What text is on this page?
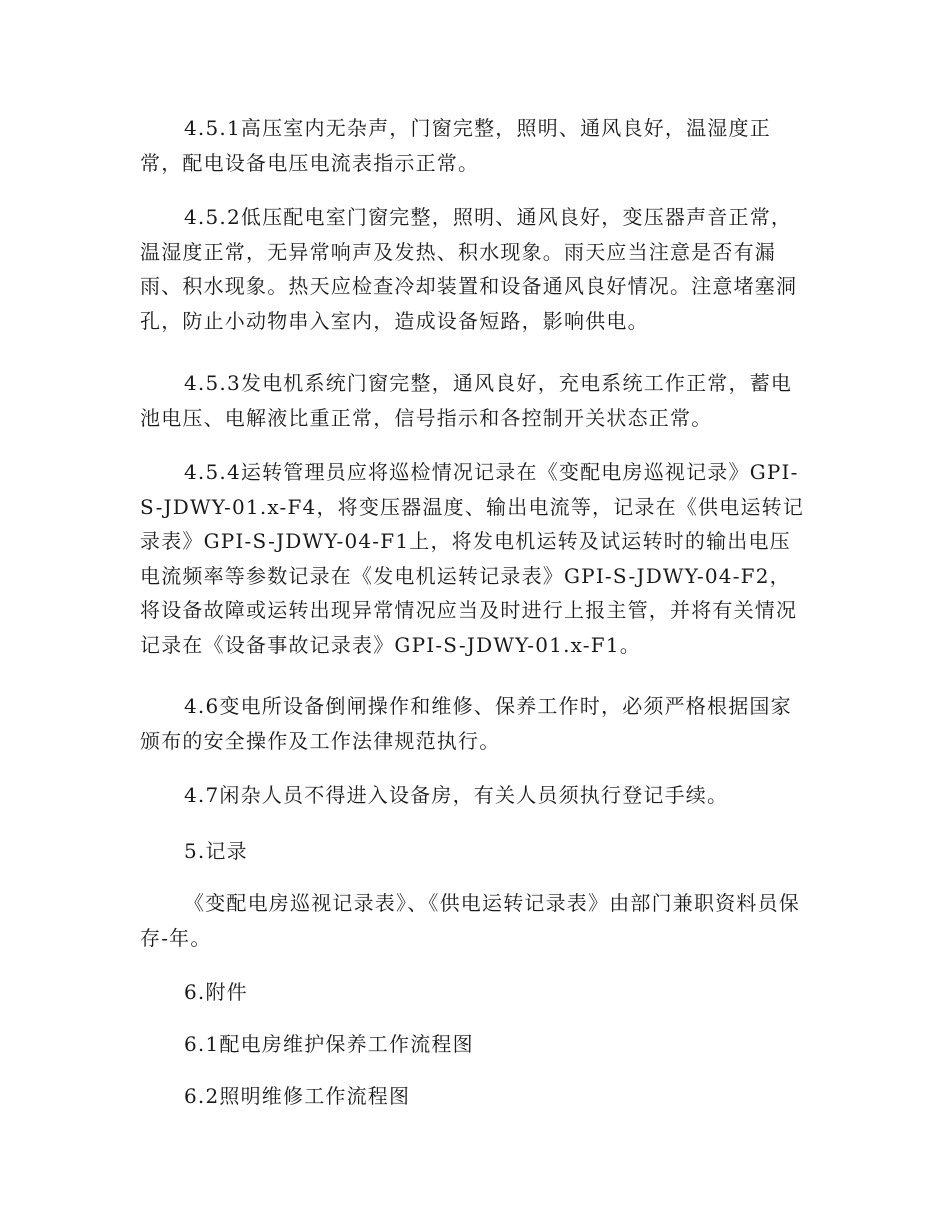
4.5.1高压室内无杂声，门窗完整，照明、通风良好，温湿度正常，配电设备电压电流表指示正常。

4.5.2低压配电室门窗完整，照明、通风良好，变压器声音正常，温湿度正常，无异常响声及发热、积水现象。雨天应当注意是否有漏雨、积水现象。热天应检查冷却装置和设备通风良好情况。注意堵塞洞孔，防止小动物串入室内，造成设备短路，影响供电。

4.5.3发电机系统门窗完整，通风良好，充电系统工作正常，蓄电池电压、电解液比重正常，信号指示和各控制开关状态正常。

4.5.4运转管理员应将巡检情况记录在《变配电房巡视记录》GPI-S-JDWY-01.x-F4，将变压器温度、输出电流等，记录在《供电运转记录表》GPI-S-JDWY-04-F1上，将发电机运转及试运转时的输出电压电流频率等参数记录在《发电机运转记录表》GPI-S-JDWY-04-F2，将设备故障或运转出现异常情况应当及时进行上报主管，并将有关情况记录在《设备事故记录表》GPI-S-JDWY-01.x-F1。

4.6变电所设备倒闸操作和维修、保养工作时，必须严格根据国家颁布的安全操作及工作法律规范执行。

4.7闲杂人员不得进入设备房，有关人员须执行登记手续。

5.记录

《变配电房巡视记录表》、《供电运转记录表》由部门兼职资料员保存-年。

6.附件

6.1配电房维护保养工作流程图

6.2照明维修工作流程图
